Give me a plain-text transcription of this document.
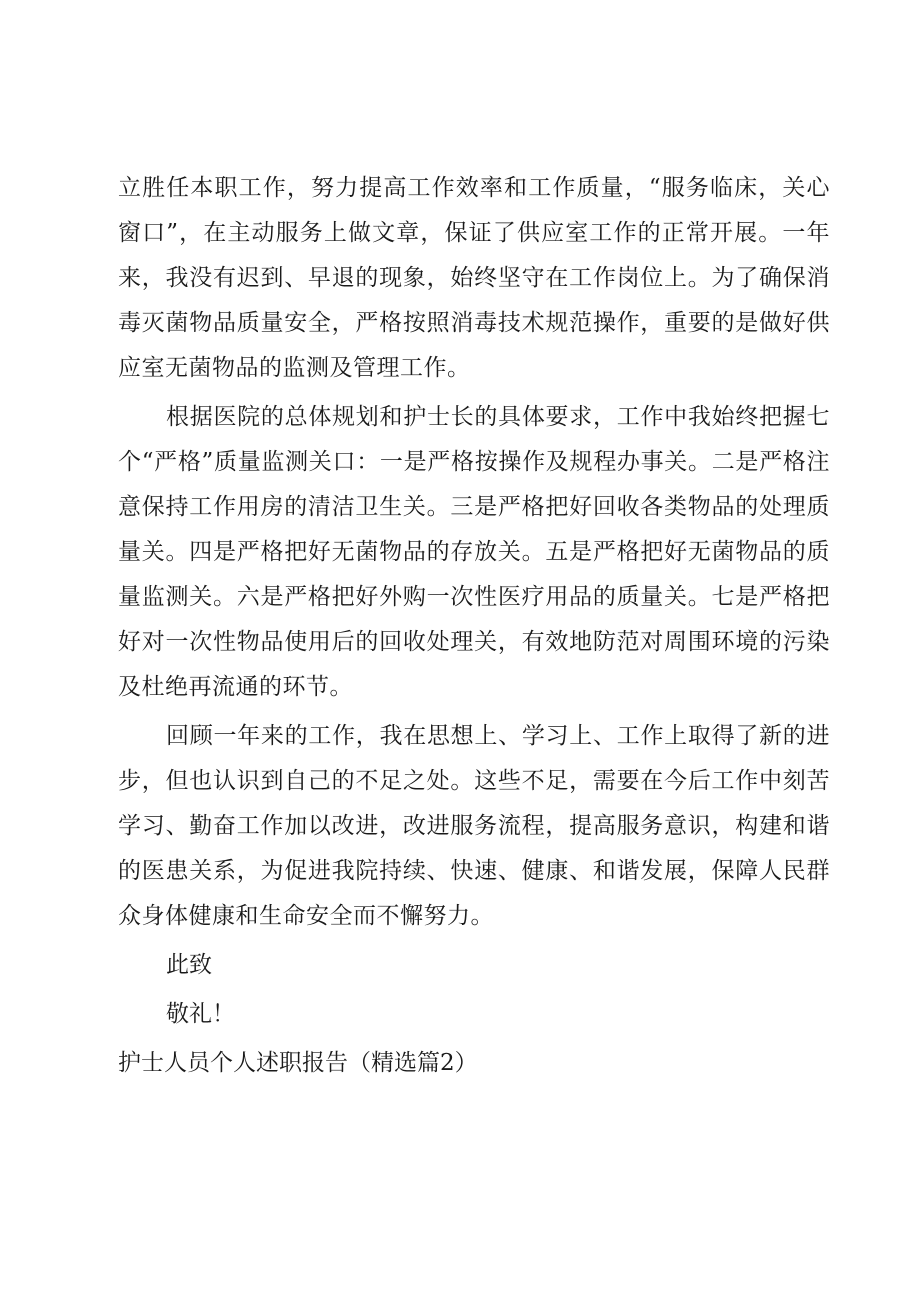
立胜任本职工作，努力提高工作效率和工作质量，“服务临床，关心窗口”，在主动服务上做文章，保证了供应室工作的正常开展。一年来，我没有迟到、早退的现象，始终坚守在工作岗位上。为了确保消毒灭菌物品质量安全，严格按照消毒技术规范操作，重要的是做好供应室无菌物品的监测及管理工作。

根据医院的总体规划和护士长的具体要求，工作中我始终把握七个“严格”质量监测关口：一是严格按操作及规程办事关。二是严格注意保持工作用房的清洁卫生关。三是严格把好回收各类物品的处理质量关。四是严格把好无菌物品的存放关。五是严格把好无菌物品的质量监测关。六是严格把好外购一次性医疗用品的质量关。七是严格把好对一次性物品使用后的回收处理关，有效地防范对周围环境的污染及杜绝再流通的环节。

回顾一年来的工作，我在思想上、学习上、工作上取得了新的进步，但也认识到自己的不足之处。这些不足，需要在今后工作中刻苦学习、勤奋工作加以改进，改进服务流程，提高服务意识，构建和谐的医患关系，为促进我院持续、快速、健康、和谐发展，保障人民群众身体健康和生命安全而不懈努力。

此致

敬礼！

护士人员个人述职报告（精选篇2）
